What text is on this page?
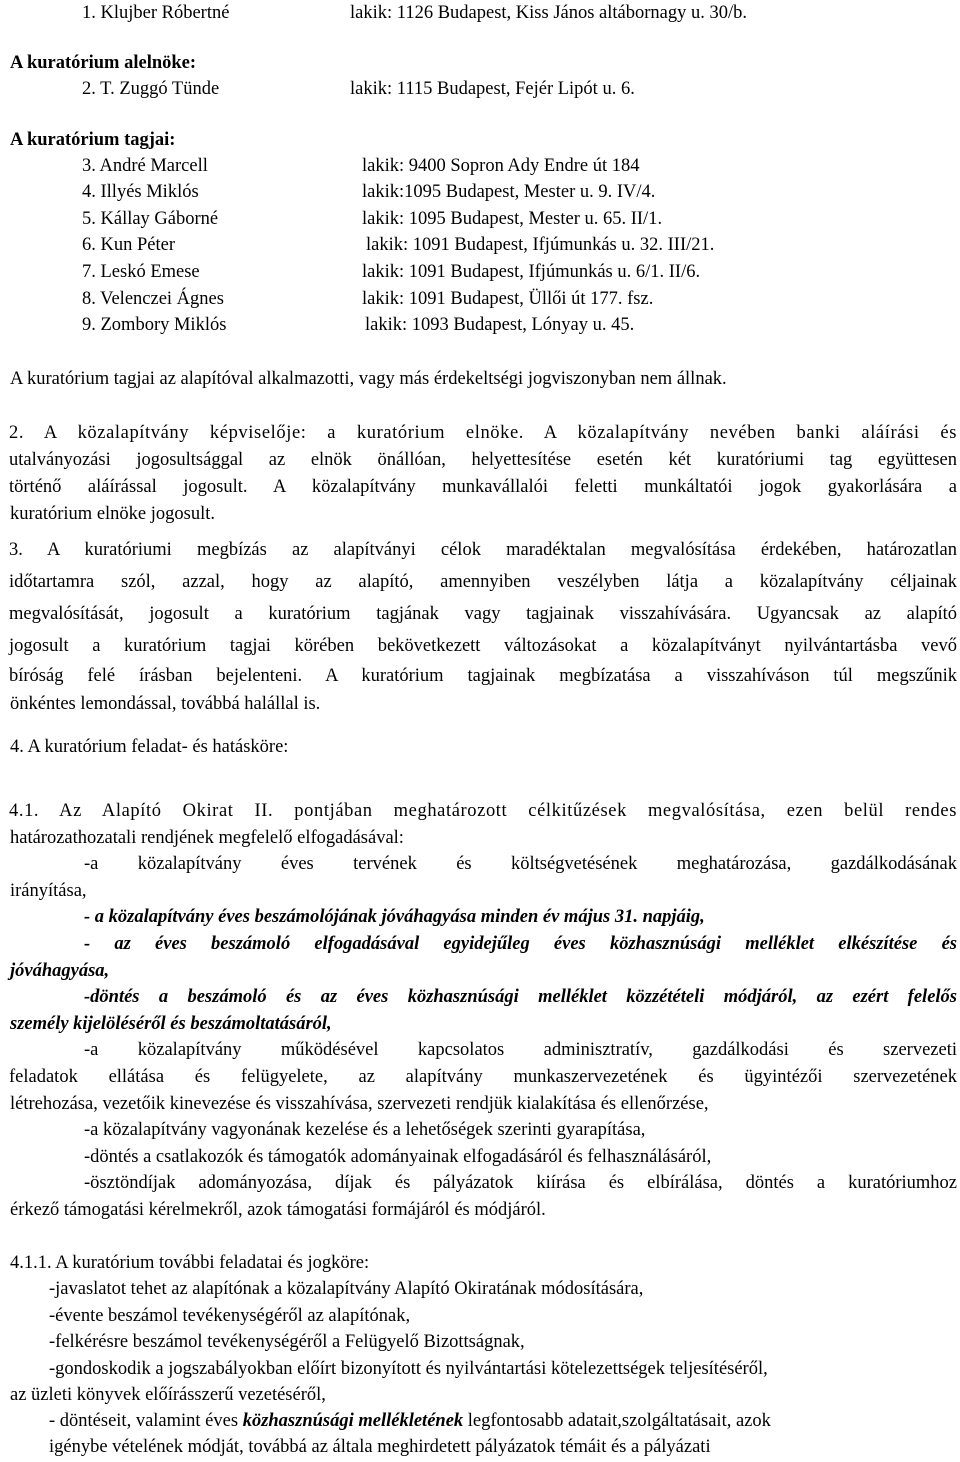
1. Klujber Róbertné	lakik: 1126 Budapest, Kiss János altábornagy u. 30/b.
A kuratórium alelnöke:
2. T. Zuggó Tünde	lakik: 1115 Budapest, Fejér Lipót u. 6.
A kuratórium tagjai:
3. André Marcell	lakik: 9400 Sopron Ady Endre út 184
4. Illyés Miklós	lakik:1095 Budapest, Mester u. 9. IV/4.
5. Kállay Gáborné	lakik: 1095 Budapest, Mester u. 65. II/1.
6. Kun Péter	lakik: 1091 Budapest, Ifjúmunkás u. 32. III/21.
7. Leskó Emese	lakik: 1091 Budapest, Ifjúmunkás u. 6/1. II/6.
8. Velenczei Ágnes	lakik: 1091 Budapest, Üllői út 177. fsz.
9. Zombory Miklós	lakik: 1093 Budapest, Lónyay u. 45.
A kuratórium tagjai az alapítóval alkalmazotti, vagy más érdekeltségi jogviszonyban nem állnak.
2. A közalapítvány képviselője: a kuratórium elnöke. A közalapítvány nevében banki aláírási és
utalványozási jogosultsággal az elnök önállóan, helyettesítése esetén két kuratóriumi tag együttesen
történő aláírással jogosult. A közalapítvány munkavállalói feletti munkáltatói jogok gyakorlására a
kuratórium elnöke jogosult.
3. A kuratóriumi megbízás az alapítványi célok maradéktalan megvalósítása érdekében, határozatlan
időtartamra szól, azzal, hogy az alapító, amennyiben veszélyben látja a közalapítvány céljainak
megvalósítását, jogosult a kuratórium tagjának vagy tagjainak visszahívására. Ugyancsak az alapító
jogosult a kuratórium tagjai körében bekövetkezett változásokat a közalapítványt nyilvántartásba vevő
bíróság felé írásban bejelenteni. A kuratórium tagjainak megbízatása a visszahíváson túl megszűnik
önkéntes lemondással, továbbá halállal is.
4. A kuratórium feladat- és hatásköre:
4.1. Az Alapító Okirat II. pontjában meghatározott célkitűzések megvalósítása, ezen belül rendes
határozathozatali rendjének megfelelő elfogadásával:
-a közalapítvány éves tervének és költségvetésének meghatározása, gazdálkodásának
irányítása,
- a közalapítvány éves beszámolójának jóváhagyása minden év május 31. napjáig,
- az éves beszámoló elfogadásával egyidejűleg éves közhasznúsági melléklet elkészítése és
jóváhagyása,
-döntés a beszámoló és az éves közhasznúsági melléklet közzétételi módjáról, az ezért felelős
személy kijelöléséről és beszámoltatásáról,
-a közalapítvány működésével kapcsolatos adminisztratív, gazdálkodási és szervezeti
feladatok ellátása és felügyelete, az alapítvány munkaszervezetének és ügyintézői szervezetének
létrehozása, vezetőik kinevezése és visszahívása, szervezeti rendjük kialakítása és ellenőrzése,
-a közalapítvány vagyonának kezelése és a lehetőségek szerinti gyarapítása,
-döntés a csatlakozók és támogatók adományainak elfogadásáról és felhasználásáról,
-ösztöndíjak adományozása, díjak és pályázatok kiírása és elbírálása, döntés a kuratóriumhoz
érkező támogatási kérelmekről, azok támogatási formájáról és módjáról.
4.1.1. A kuratórium további feladatai és jogköre:
-javaslatot tehet az alapítónak a közalapítvány Alapító Okiratának módosítására,
-évente beszámol tevékenységéről az alapítónak,
-felkérésre beszámol tevékenységéről a Felügyelő Bizottságnak,
-gondoskodik a jogszabályokban előírt bizonyított és nyilvántartási kötelezettségek teljesítéséről,
az üzleti könyvek előírásszerű vezetéséről,
- döntéseit, valamint éves közhasznúsági mellékletének legfontosabb adatait,szolgáltatásait, azok
igénybe vételének módját, továbbá az általa meghirdetett pályázatok témáit és a pályázati
